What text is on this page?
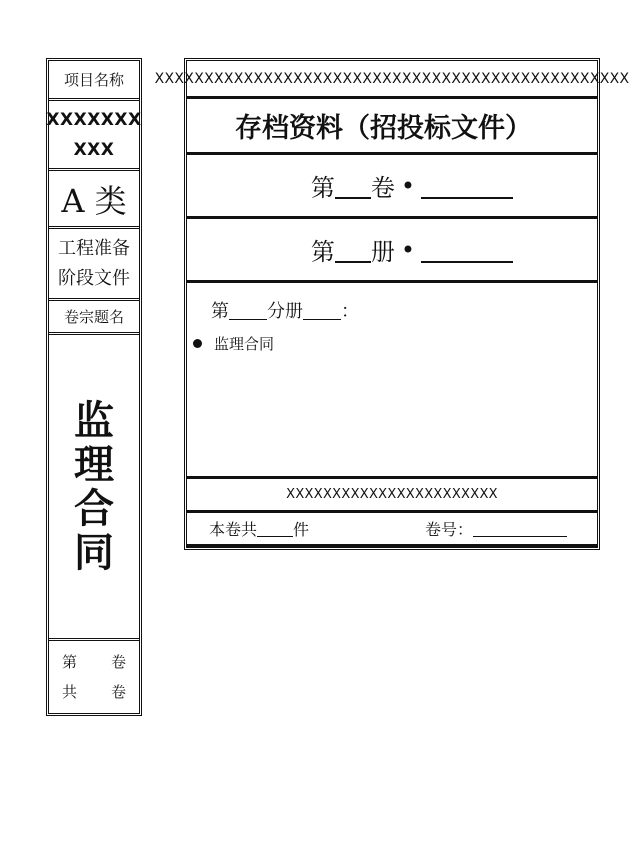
项目名称
XXXXXXX
XXX
A 类
工程准备
阶段文件
卷宗题名
监
理
合
同
第 卷
共 卷
XXXXXXXXXXXXXXXXXXXXXXXXXXXXXXXXXXXXXXXXXXXXXXXX
存档资料（招投标文件）
第 卷 •
第 册 •
第 分册 ：
监理合同
XXXXXXXXXXXXXXXXXXXXXXX
本卷共 件	卷号：
